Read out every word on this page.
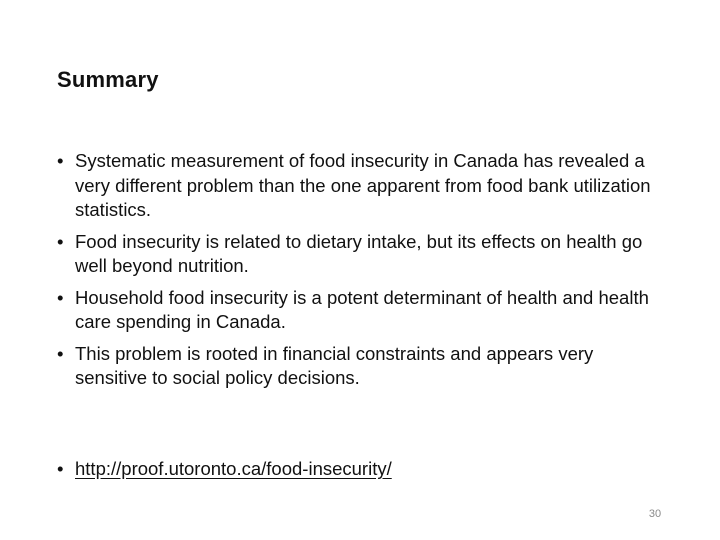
Summary
• Systematic measurement of food insecurity in Canada has revealed a very different problem than the one apparent from food bank utilization statistics.
• Food insecurity is related to dietary intake, but its effects on health go well beyond nutrition.
• Household food insecurity is a potent determinant of health and health care spending in Canada.
• This problem is rooted in financial constraints and appears very sensitive to social policy decisions.
• http://proof.utoronto.ca/food-insecurity/
30
